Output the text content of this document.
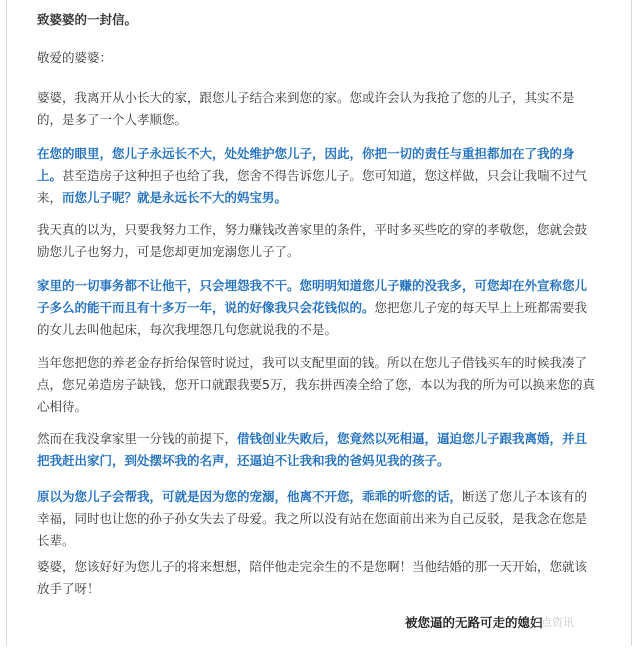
致婆婆的一封信。

敬爱的婆婆：

婆婆，我离开从小长大的家，跟您儿子结合来到您的家。您或许会认为我抢了您的儿子，其实不是的，是多了一个人孝顺您。

在您的眼里，您儿子永远长不大，处处维护您儿子，因此，你把一切的责任与重担都加在了我的身上。甚至造房子这种担子也给了我，您舍不得告诉您儿子。您可知道，您这样做，只会让我喘不过气来，而您儿子呢？就是永远长不大的妈宝男。

我天真的以为，只要我努力工作，努力赚钱改善家里的条件，平时多买些吃的穿的孝敬您，您就会鼓励您儿子也努力，可是您却更加宠溺您儿子了。

家里的一切事务都不让他干，只会埋怨我不干。您明明知道您儿子赚的没我多，可您却在外宣称您儿子多么的能干而且有十多万一年，说的好像我只会花钱似的。您把您儿子宠的每天早上上班都需要我的女儿去叫他起床，每次我埋怨几句您就说我的不是。

当年您把您的养老金存折给保管时说过，我可以支配里面的钱。所以在您儿子借钱买车的时候我凑了点，您兄弟造房子缺钱，您开口就跟我要5万，我东拼西凑全给了您，本以为我的所为可以换来您的真心相待。

然而在我没拿家里一分钱的前提下，借钱创业失败后，您竟然以死相逼，逼迫您儿子跟我离婚，并且把我赶出家门，到处摆坏我的名声，还逼迫不让我和我的爸妈见我的孩子。

原以为您儿子会帮我，可就是因为您的宠溺，他离不开您，乖乖的听您的话，断送了您儿子本该有的幸福，同时也让您的孙子孙女失去了母爱。我之所以没有站在您面前出来为自己反驳，是我念在您是长辈。

婆婆，您该好好为您儿子的将来想想，陪伴他走完余生的不是您啊！当他结婚的那一天开始，您就该放手了呀！

被您逼的无路可走的媳妇
一点资讯
